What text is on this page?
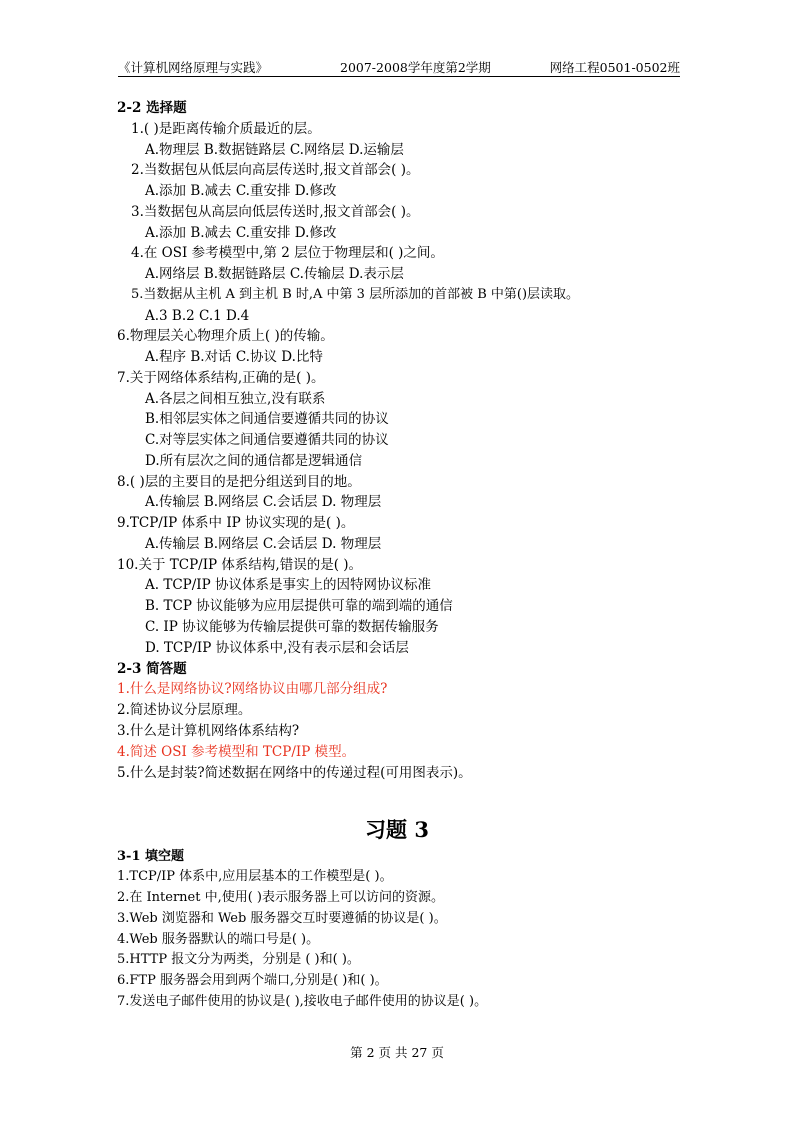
《计算机网络原理与实践》	2007-2008学年度第2学期	网络工程0501-0502班
2-2 选择题
1.( )是距离传输介质最近的层。
A.物理层 B.数据链路层 C.网络层 D.运输层
2.当数据包从低层向高层传送时,报文首部会( )。
A.添加 B.减去 C.重安排 D.修改
3.当数据包从高层向低层传送时,报文首部会( )。
A.添加 B.减去 C.重安排 D.修改
4.在 OSI 参考模型中,第 2 层位于物理层和( )之间。
A.网络层 B.数据链路层 C.传输层 D.表示层
5.当数据从主机 A 到主机 B 时,A 中第 3 层所添加的首部被 B 中第()层读取。
A.3 B.2 C.1 D.4
6.物理层关心物理介质上( )的传输。
A.程序 B.对话 C.协议 D.比特
7.关于网络体系结构,正确的是( )。
A.各层之间相互独立,没有联系
B.相邻层实体之间通信要遵循共同的协议
C.对等层实体之间通信要遵循共同的协议
D.所有层次之间的通信都是逻辑通信
8.( )层的主要目的是把分组送到目的地。
A.传输层 B.网络层 C.会话层 D. 物理层
9.TCP/IP 体系中 IP 协议实现的是( )。
A.传输层 B.网络层 C.会话层 D. 物理层
10.关于 TCP/IP 体系结构,错误的是( )。
A. TCP/IP 协议体系是事实上的因特网协议标准
B. TCP 协议能够为应用层提供可靠的端到端的通信
C. IP 协议能够为传输层提供可靠的数据传输服务
D. TCP/IP 协议体系中,没有表示层和会话层
2-3 简答题
1.什么是网络协议?网络协议由哪几部分组成?
2.简述协议分层原理。
3.什么是计算机网络体系结构?
4.简述 OSI 参考模型和 TCP/IP 模型。
5.什么是封装?简述数据在网络中的传递过程(可用图表示)。
习题 3
3-1 填空题
1.TCP/IP 体系中,应用层基本的工作模型是( )。
2.在 Internet 中,使用( )表示服务器上可以访问的资源。
3.Web 浏览器和 Web 服务器交互时要遵循的协议是( )。
4.Web 服务器默认的端口号是( )。
5.HTTP 报文分为两类，分别是 ( )和( )。
6.FTP 服务器会用到两个端口,分别是( )和( )。
7.发送电子邮件使用的协议是( ),接收电子邮件使用的协议是( )。
第 2 页 共 27 页
